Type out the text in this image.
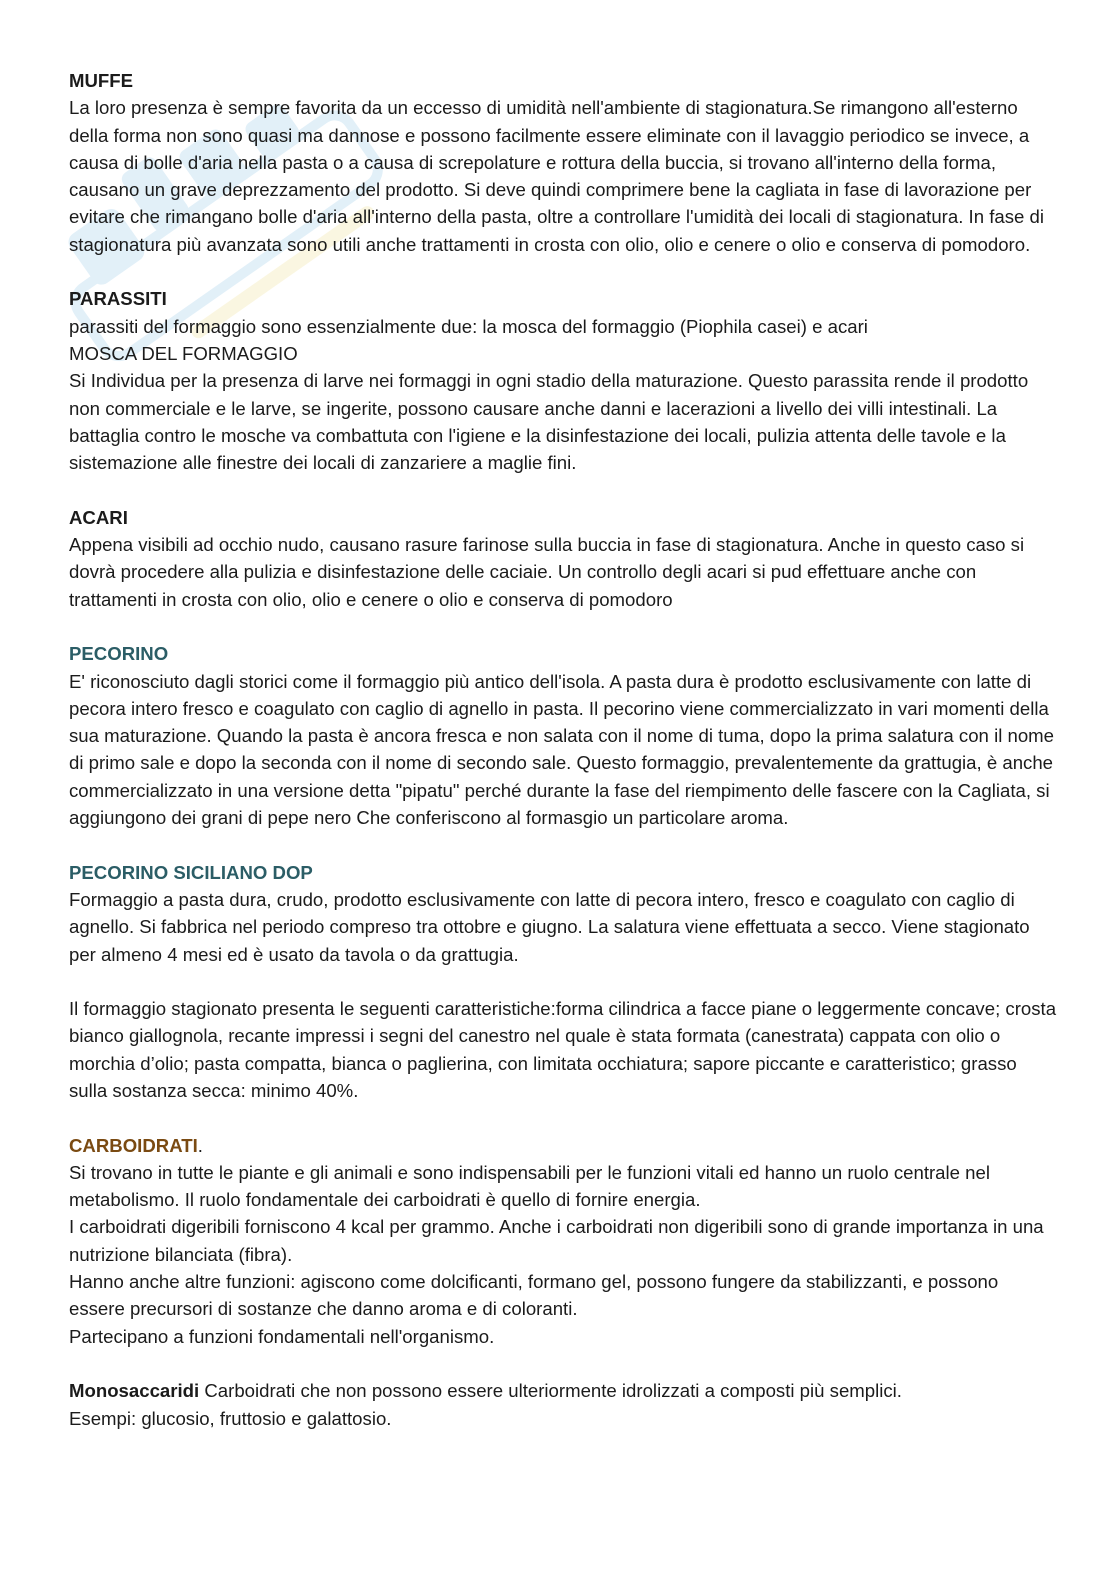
MUFFE

La loro presenza è sempre favorita da un eccesso di umidità nell'ambiente di stagionatura.Se rimangono all'esterno della forma non sono quasi ma dannose e possono facilmente essere eliminate con il lavaggio periodico se invece, a causa di bolle d'aria nella pasta o a causa di screpolature e rottura della buccia, si trovano all'interno della forma, causano un grave deprezzamento del prodotto. Si deve quindi comprimere bene la cagliata in fase di lavorazione per evitare che rimangano bolle d'aria all'interno della pasta, oltre a controllare l'umidità dei locali di stagionatura. In fase di stagionatura più avanzata sono utili anche trattamenti in crosta con olio, olio e cenere o olio e conserva di pomodoro.

PARASSITI

parassiti del formaggio sono essenzialmente due: la mosca del formaggio (Piophila casei) e acari

MOSCA DEL FORMAGGIO

Si Individua per la presenza di larve nei formaggi in ogni stadio della maturazione. Questo parassita rende il prodotto non commerciale e le larve, se ingerite, possono causare anche danni e lacerazioni a livello dei villi intestinali. La battaglia contro le mosche va combattuta con l'igiene e la disinfestazione dei locali, pulizia attenta delle tavole e la sistemazione alle finestre dei locali di zanzariere a maglie fini.

ACARI

Appena visibili ad occhio nudo, causano rasure farinose sulla buccia in fase di stagionatura. Anche in questo caso si dovrà procedere alla pulizia e disinfestazione delle caciaie. Un controllo degli acari si pud effettuare anche con trattamenti in crosta con olio, olio e cenere o olio e conserva di pomodoro

PECORINO

E' riconosciuto dagli storici come il formaggio più antico dell'isola. A pasta dura è prodotto esclusivamente con latte di pecora intero fresco e coagulato con caglio di agnello in pasta. Il pecorino viene commercializzato in vari momenti della sua maturazione. Quando la pasta è ancora fresca e non salata con il nome di tuma, dopo la prima salatura con il nome di primo sale e dopo la seconda con il nome di secondo sale. Questo formaggio, prevalentemente da grattugia, è anche commercializzato in una versione detta "pipatu" perché durante la fase del riempimento delle fascere con la Cagliata, si aggiungono dei grani di pepe nero Che conferiscono al formasgio un particolare aroma.

PECORINO SICILIANO DOP

Formaggio a pasta dura, crudo, prodotto esclusivamente con latte di pecora intero, fresco e coagulato con caglio di agnello. Si fabbrica nel periodo compreso tra ottobre e giugno. La salatura viene effettuata a secco. Viene stagionato per almeno 4 mesi ed è usato da tavola o da grattugia.

Il formaggio stagionato presenta le seguenti caratteristiche:forma cilindrica a facce piane o leggermente concave; crosta bianco giallognola, recante impressi i segni del canestro nel quale è stata formata (canestrata) cappata con olio o morchia d’olio; pasta compatta, bianca o paglierina, con limitata occhiatura; sapore piccante e caratteristico; grasso sulla sostanza secca: minimo 40%.

CARBOIDRATI.

Si trovano in tutte le piante e gli animali e sono indispensabili per le funzioni vitali ed hanno un ruolo centrale nel metabolismo. Il ruolo fondamentale dei carboidrati è quello di fornire energia.

I carboidrati digeribili forniscono 4 kcal per grammo. Anche i carboidrati non digeribili sono di grande importanza in una nutrizione bilanciata (fibra).

Hanno anche altre funzioni: agiscono come dolcificanti, formano gel, possono fungere da stabilizzanti, e possono essere precursori di sostanze che danno aroma e di coloranti.

Partecipano a funzioni fondamentali nell'organismo.

Monosaccaridi Carboidrati che non possono essere ulteriormente idrolizzati a composti più semplici.

Esempi: glucosio, fruttosio e galattosio.
